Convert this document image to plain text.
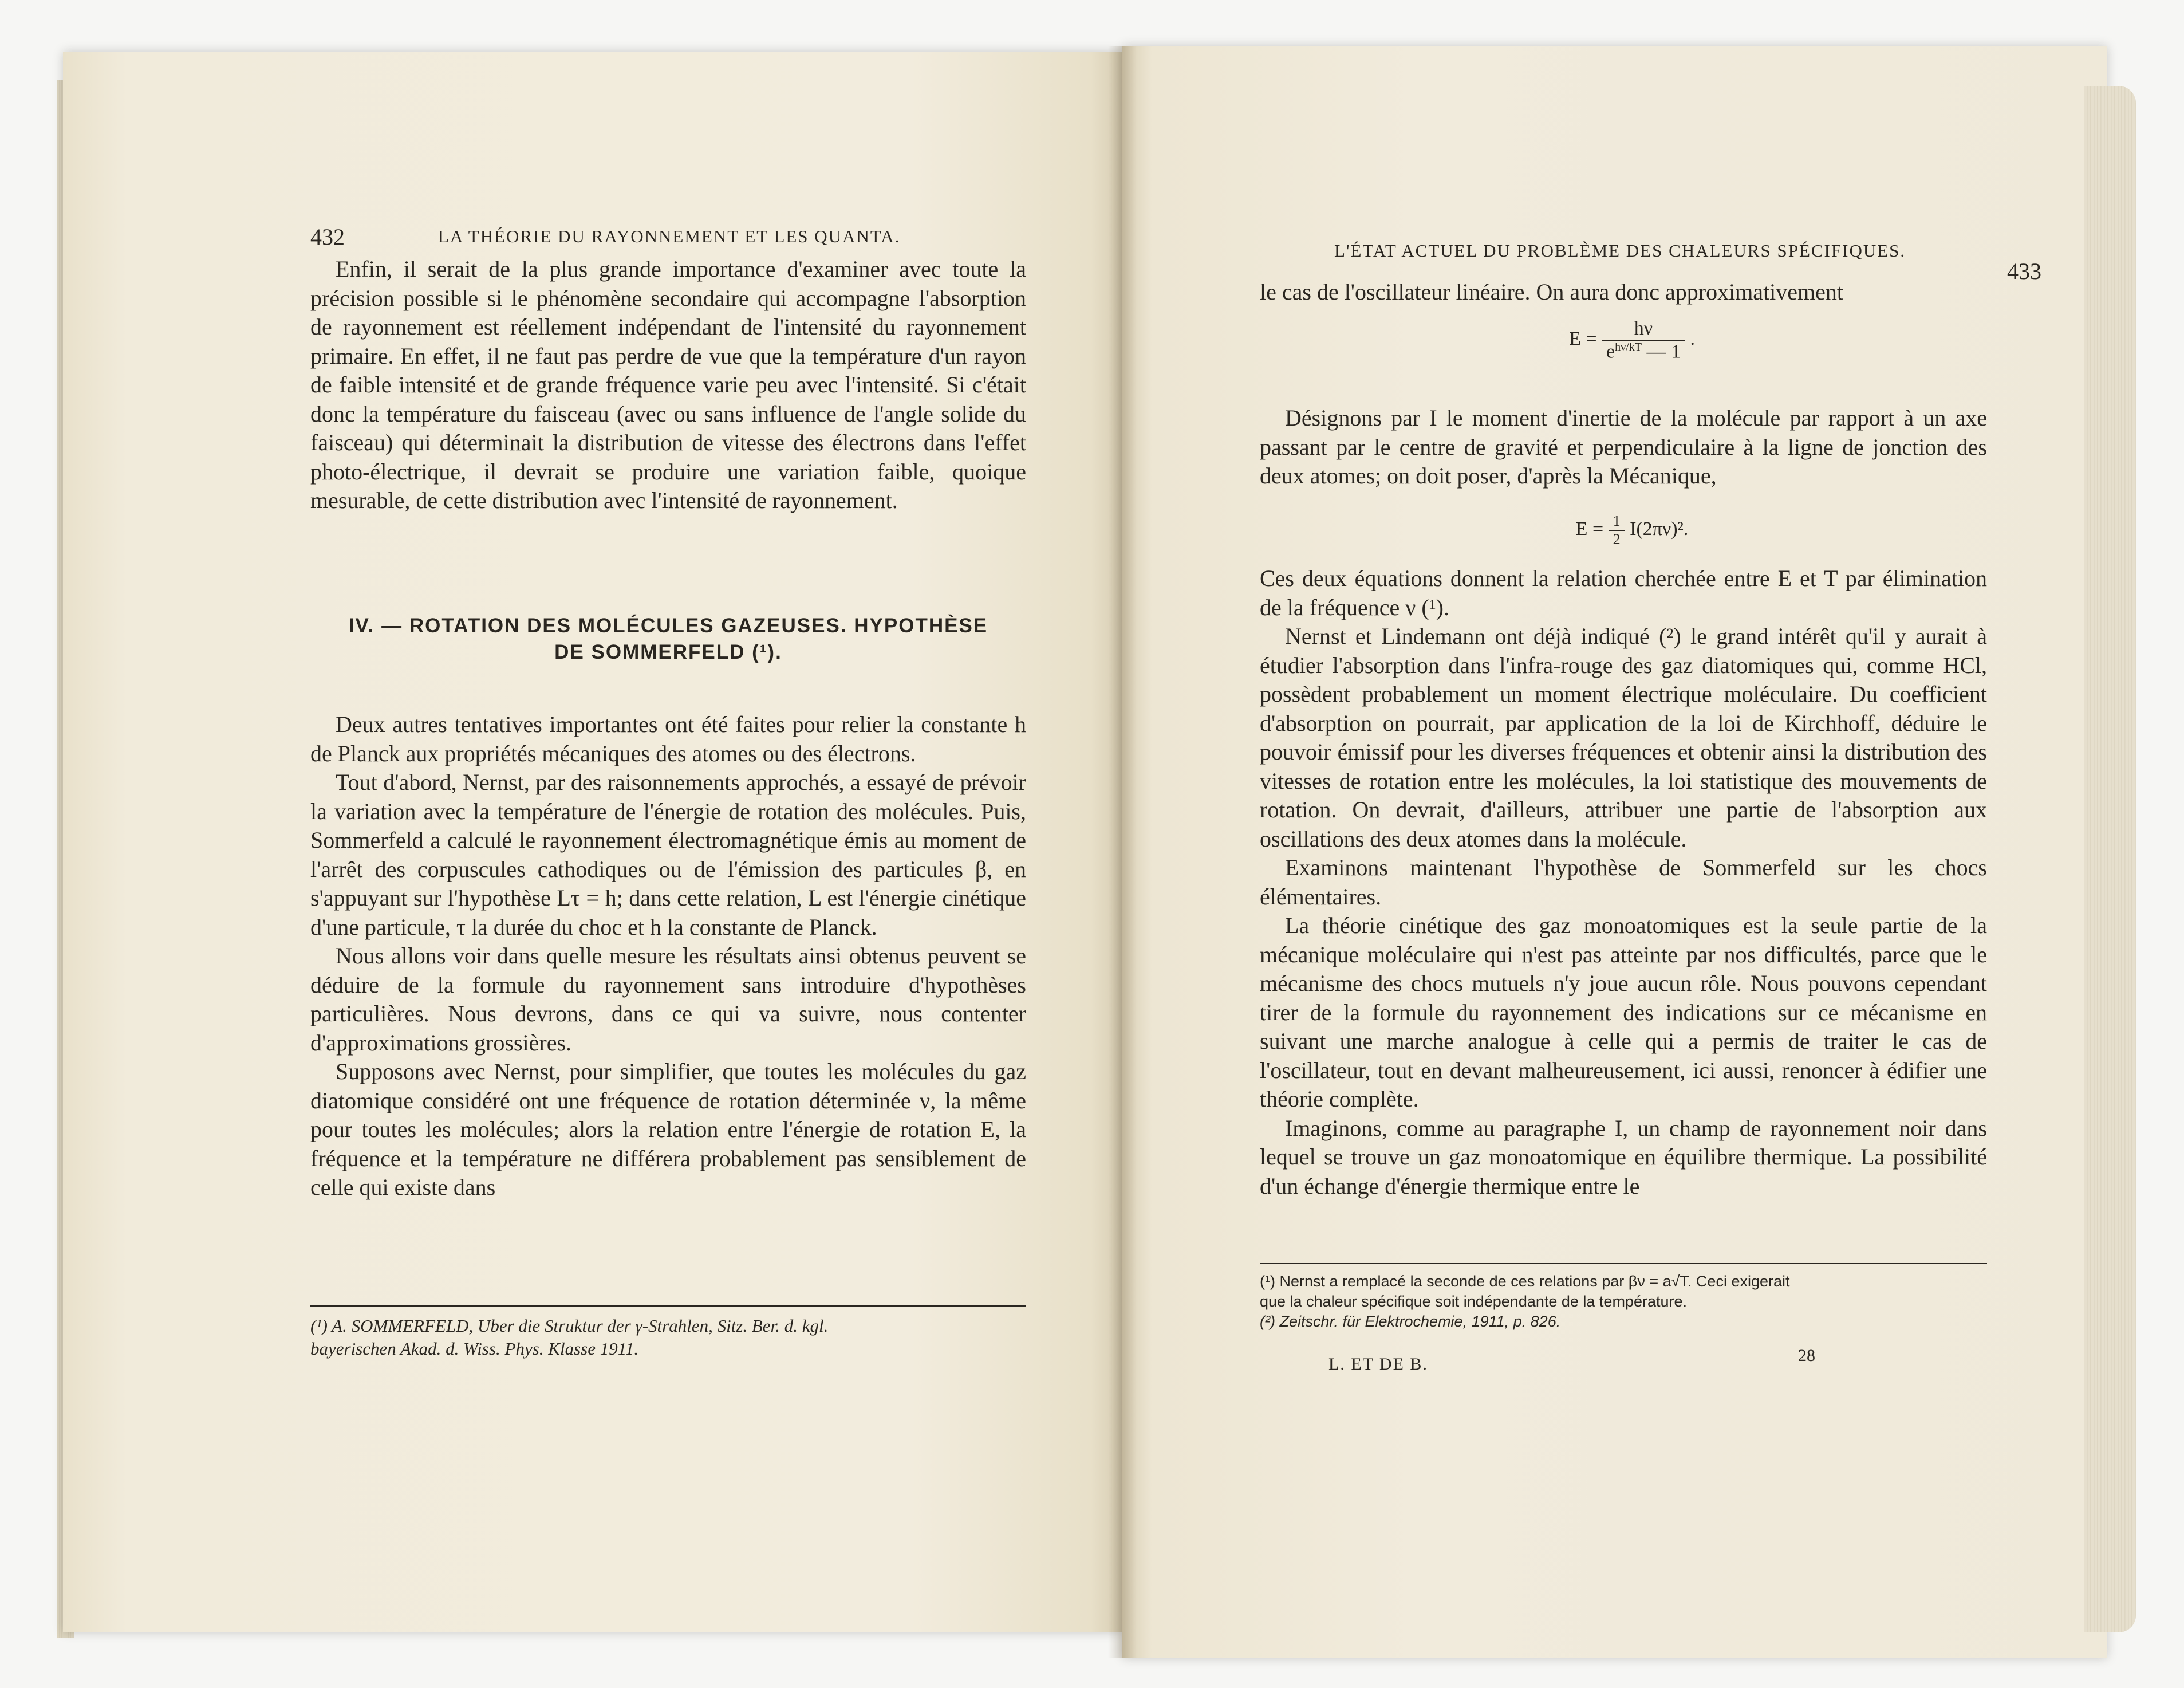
432	LA THÉORIE DU RAYONNEMENT ET LES QUANTA.

Enfin, il serait de la plus grande importance d'examiner avec toute la précision possible si le phénomène secondaire qui accompagne l'absorption de rayonnement est réellement indépendant de l'intensité du rayonnement primaire. En effet, il ne faut pas perdre de vue que la température d'un rayon de faible intensité et de grande fréquence varie peu avec l'intensité. Si c'était donc la température du faisceau (avec ou sans influence de l'angle solide du faisceau) qui déterminait la distribution de vitesse des électrons dans l'effet photo-électrique, il devrait se produire une variation faible, quoique mesurable, de cette distribution avec l'intensité de rayonnement.

IV. — ROTATION DES MOLÉCULES GAZEUSES. HYPOTHÈSE
DE SOMMERFELD (¹).

Deux autres tentatives importantes ont été faites pour relier la constante h de Planck aux propriétés mécaniques des atomes ou des électrons.

Tout d'abord, Nernst, par des raisonnements approchés, a essayé de prévoir la variation avec la température de l'énergie de rotation des molécules. Puis, Sommerfeld a calculé le rayonnement électromagnétique émis au moment de l'arrêt des corpuscules cathodiques ou de l'émission des particules β, en s'appuyant sur l'hypothèse Lτ = h; dans cette relation, L est l'énergie cinétique d'une particule, τ la durée du choc et h la constante de Planck.

Nous allons voir dans quelle mesure les résultats ainsi obtenus peuvent se déduire de la formule du rayonnement sans introduire d'hypothèses particulières. Nous devrons, dans ce qui va suivre, nous contenter d'approximations grossières.

Supposons avec Nernst, pour simplifier, que toutes les molécules du gaz diatomique considéré ont une fréquence de rotation déterminée ν, la même pour toutes les molécules; alors la relation entre l'énergie de rotation E, la fréquence et la température ne différera probablement pas sensiblement de celle qui existe dans

(¹) A. SOMMERFELD, Uber die Struktur der γ-Strahlen, Sitz. Ber. d. kgl.
bayerischen Akad. d. Wiss. Phys. Klasse 1911.
L'ÉTAT ACTUEL DU PROBLÈME DES CHALEURS SPÉCIFIQUES.
433

le cas de l'oscillateur linéaire. On aura donc approximativement

$E = \frac{h\nu}{e^{h\nu/kT} — 1}$ .

Désignons par I le moment d'inertie de la molécule par rapport à un axe passant par le centre de gravité et perpendiculaire à la ligne de jonction des deux atomes; on doit poser, d'après la Mécanique,

$E = \frac{1}{2} I(2\pi\nu)^2$.

Ces deux équations donnent la relation cherchée entre E et T par élimination de la fréquence ν (¹).

Nernst et Lindemann ont déjà indiqué (²) le grand intérêt qu'il y aurait à étudier l'absorption dans l'infra-rouge des gaz diatomiques qui, comme HCl, possèdent probablement un moment électrique moléculaire. Du coefficient d'absorption on pourrait, par application de la loi de Kirchhoff, déduire le pouvoir émissif pour les diverses fréquences et obtenir ainsi la distribution des vitesses de rotation entre les molécules, la loi statistique des mouvements de rotation. On devrait, d'ailleurs, attribuer une partie de l'absorption aux oscillations des deux atomes dans la molécule.

Examinons maintenant l'hypothèse de Sommerfeld sur les chocs élémentaires.

La théorie cinétique des gaz monoatomiques est la seule partie de la mécanique moléculaire qui n'est pas atteinte par nos difficultés, parce que le mécanisme des chocs mutuels n'y joue aucun rôle. Nous pouvons cependant tirer de la formule du rayonnement des indications sur ce mécanisme en suivant une marche analogue à celle qui a permis de traiter le cas de l'oscillateur, tout en devant malheureusement, ici aussi, renoncer à édifier une théorie complète.

Imaginons, comme au paragraphe I, un champ de rayonnement noir dans lequel se trouve un gaz monoatomique en équilibre thermique. La possibilité d'un échange d'énergie thermique entre le

(¹) Nernst a remplacé la seconde de ces relations par βν = a√T. Ceci exigerait
que la chaleur spécifique soit indépendante de la température.
(²) Zeitschr. für Elektrochemie, 1911, p. 826.
L. ET DE B.	28
